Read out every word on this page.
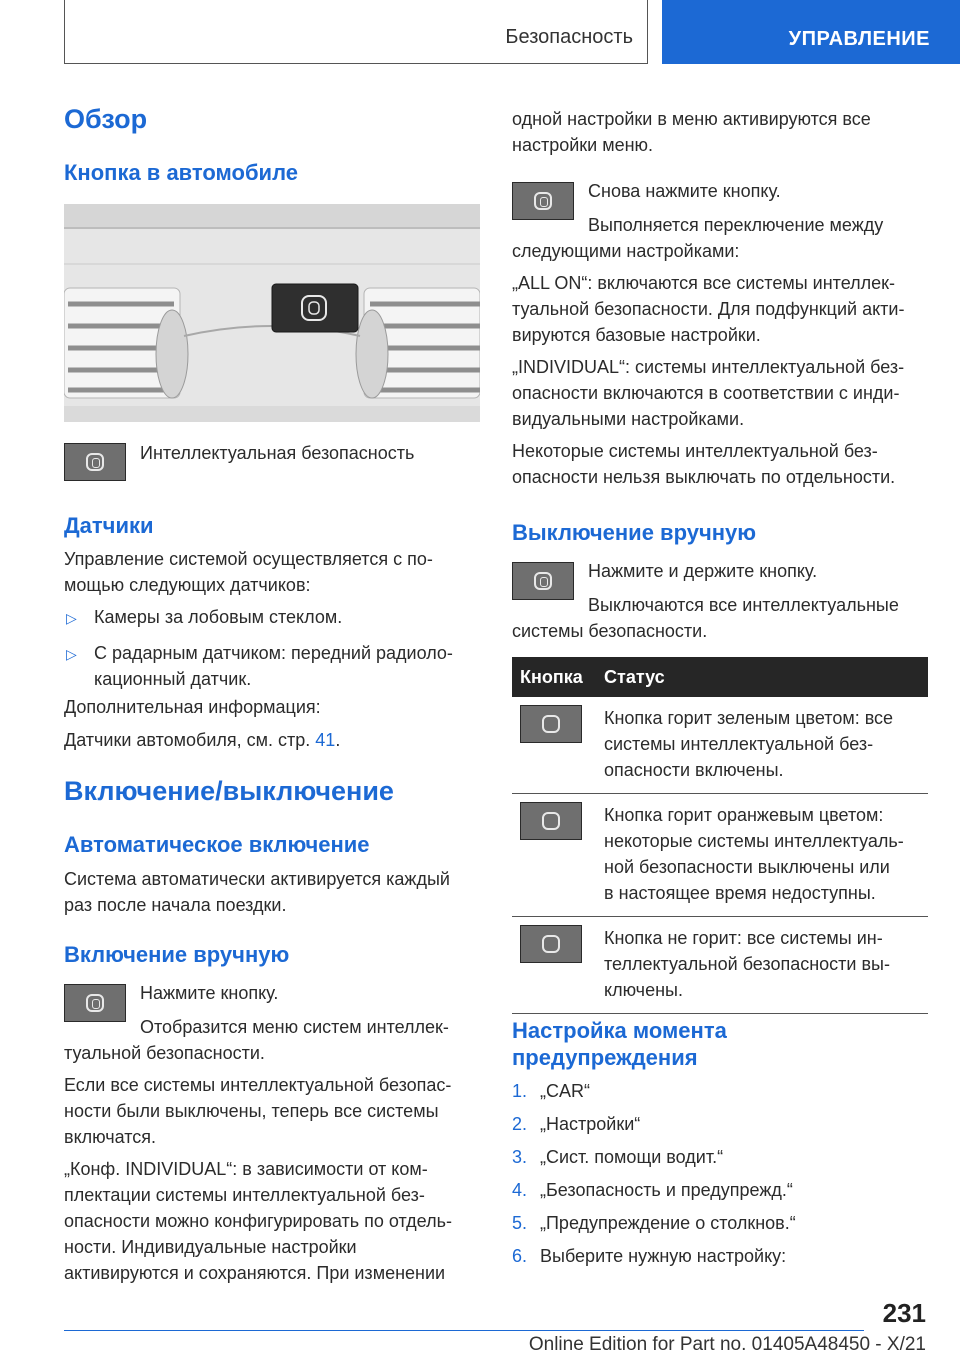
Безопасность	УПРАВЛЕНИЕ
Обзор
Кнопка в автомобиле
Интеллектуальная безопасность
Датчики
Управление системой осуществляется с по-
мощью следующих датчиков:
▷ Камеры за лобовым стеклом.
▷ С радарным датчиком: передний радиоло-
кационный датчик.
Дополнительная информация:
Датчики автомобиля, см. стр. 41.
Включение/выключение
Автоматическое включение
Система автоматически активируется каждый
раз после начала поездки.
Включение вручную
Нажмите кнопку.
Отобразится меню систем интеллек-
туальной безопасности.
Если все системы интеллектуальной безопас-
ности были выключены, теперь все системы
включатся.
„Конф. INDIVIDUAL“: в зависимости от ком-
плектации системы интеллектуальной без-
опасности можно конфигурировать по отдель-
ности. Индивидуальные настройки
активируются и сохраняются. При изменении
одной настройки в меню активируются все
настройки меню.
Снова нажмите кнопку.
Выполняется переключение между
следующими настройками:
„ALL ON“: включаются все системы интеллек-
туальной безопасности. Для подфункций акти-
вируются базовые настройки.
„INDIVIDUAL“: системы интеллектуальной без-
опасности включаются в соответствии с инди-
видуальными настройками.
Некоторые системы интеллектуальной без-
опасности нельзя выключать по отдельности.
Выключение вручную
Нажмите и держите кнопку.
Выключаются все интеллектуальные
системы безопасности.
Кнопка	Статус

	Кнопка горит зеленым цветом: все
системы интеллектуальной без-
опасности включены.

	Кнопка горит оранжевым цветом:
некоторые системы интеллектуаль-
ной безопасности выключены или
в настоящее время недоступны.

	Кнопка не горит: все системы ин-
теллектуальной безопасности вы-
ключены.
Настройка момента
предупреждения
1. „CAR“
2. „Настройки“
3. „Сист. помощи водит.“
4. „Безопасность и предупрежд.“
5. „Предупреждение о столкнов.“
6. Выберите нужную настройку:
231
Online Edition for Part no. 01405A48450 - X/21
